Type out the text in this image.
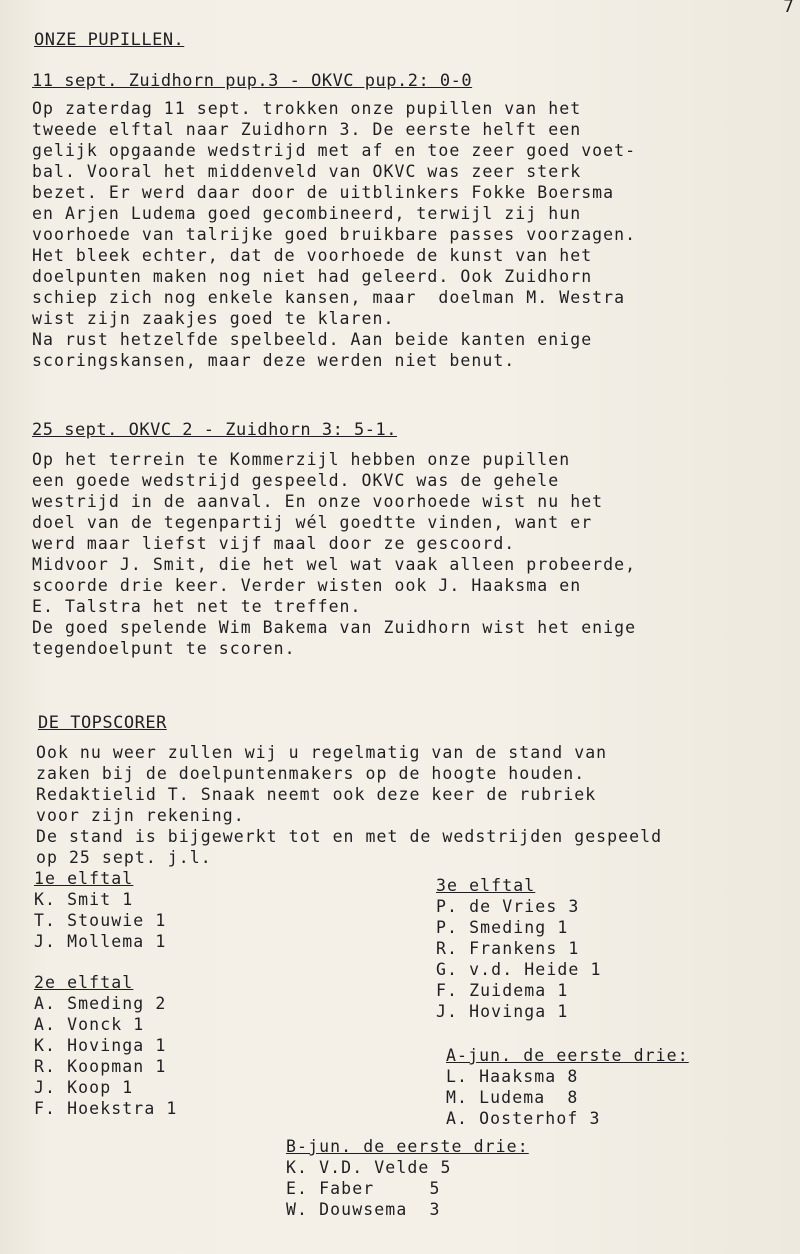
7
ONZE PUPILLEN.
11 sept. Zuidhorn pup.3 - OKVC pup.2: 0-0
Op zaterdag 11 sept. trokken onze pupillen van het
tweede elftal naar Zuidhorn 3. De eerste helft een
gelijk opgaande wedstrijd met af en toe zeer goed voet-
bal. Vooral het middenveld van OKVC was zeer sterk
bezet. Er werd daar door de uitblinkers Fokke Boersma
en Arjen Ludema goed gecombineerd, terwijl zij hun
voorhoede van talrijke goed bruikbare passes voorzagen.
Het bleek echter, dat de voorhoede de kunst van het
doelpunten maken nog niet had geleerd. Ook Zuidhorn
schiep zich nog enkele kansen, maar  doelman M. Westra
wist zijn zaakjes goed te klaren.
Na rust hetzelfde spelbeeld. Aan beide kanten enige
scoringskansen, maar deze werden niet benut.
25 sept. OKVC 2 - Zuidhorn 3: 5-1.
Op het terrein te Kommerzijl hebben onze pupillen
een goede wedstrijd gespeeld. OKVC was de gehele
westrijd in de aanval. En onze voorhoede wist nu het
doel van de tegenpartij wél goedtte vinden, want er
werd maar liefst vijf maal door ze gescoord.
Midvoor J. Smit, die het wel wat vaak alleen probeerde,
scoorde drie keer. Verder wisten ook J. Haaksma en
E. Talstra het net te treffen.
De goed spelende Wim Bakema van Zuidhorn wist het enige
tegendoelpunt te scoren.
DE TOPSCORER
Ook nu weer zullen wij u regelmatig van de stand van
zaken bij de doelpuntenmakers op de hoogte houden.
Redaktielid T. Snaak neemt ook deze keer de rubriek
voor zijn rekening.
De stand is bijgewerkt tot en met de wedstrijden gespeeld
op 25 sept. j.l.
1e elftal
K. Smit 1
T. Stouwie 1
J. Mollema 1
2e elftal
A. Smeding 2
A. Vonck 1
K. Hovinga 1
R. Koopman 1
J. Koop 1
F. Hoekstra 1
3e elftal
P. de Vries 3
P. Smeding 1
R. Frankens 1
G. v.d. Heide 1
F. Zuidema 1
J. Hovinga 1
A-jun. de eerste drie:
L. Haaksma 8
M. Ludema  8
A. Oosterhof 3
B-jun. de eerste drie:
K. V.D. Velde 5
E. Faber     5
W. Douwsema  3
